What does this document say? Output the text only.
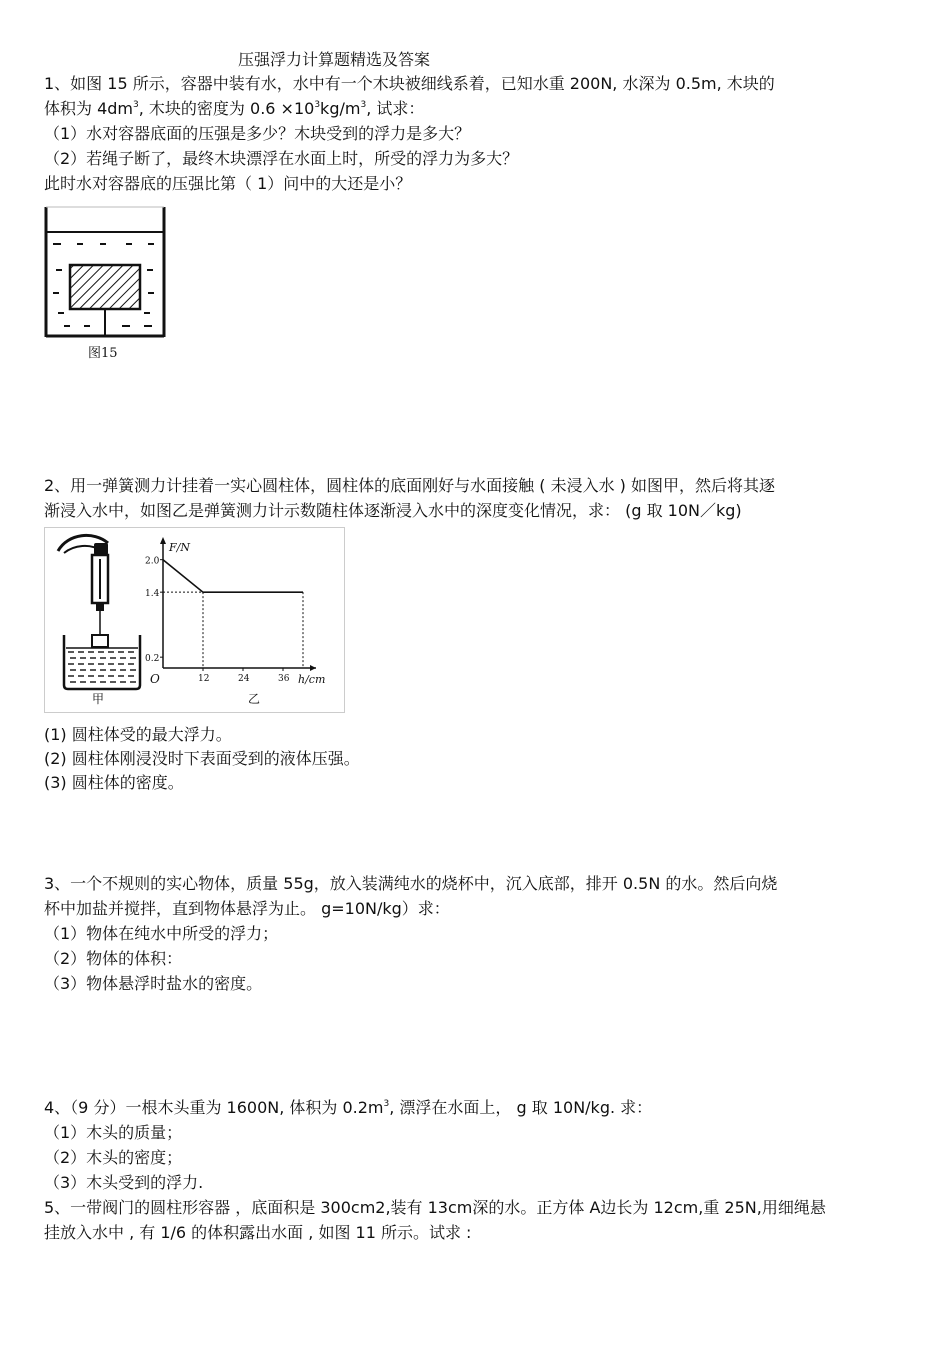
压强浮力计算题精选及答案
1、如图 15 所示，容器中装有水，水中有一个木块被细线系着，已知水重 200N, 水深为 0.5m, 木块的
体积为 $4dm^3$, 木块的密度为 $0.6 \times 10^3kg/m^3$, 试求：
（1）水对容器底面的压强是多少？木块受到的浮力是多大？
（2）若绳子断了，最终木块漂浮在水面上时，所受的浮力为多大？
此时水对容器底的压强比第（ 1）问中的大还是小？
图15
2、用一弹簧测力计挂着一实心圆柱体，圆柱体的底面刚好与水面接触 ( 未浸入水 ) 如图甲，然后将其逐
渐浸入水中，如图乙是弹簧测力计示数随柱体逐渐浸入水中的深度变化情况，求： (g 取 10N／kg)
甲
F/N
h/cm
O
2.0
1.4
0.2
12	24	36
乙
(1) 圆柱体受的最大浮力。
(2) 圆柱体刚浸没时下表面受到的液体压强。
(3) 圆柱体的密度。
3、一个不规则的实心物体，质量 55g，放入装满纯水的烧杯中，沉入底部，排开 0.5N 的水。然后向烧
杯中加盐并搅拌，直到物体悬浮为止。 g=10N/kg）求：
（1）物体在纯水中所受的浮力；
（2）物体的体积：
（3）物体悬浮时盐水的密度。
4、（9 分）一根木头重为 1600N, 体积为 $0.2m^3$, 漂浮在水面上， g 取 10N/kg. 求：
（1）木头的质量；
（2）木头的密度；
（3）木头受到的浮力.
5、一带阀门的圆柱形容器 ，底面积是 300cm2,装有 13cm深的水。正方体 A边长为 12cm,重 25N,用细绳悬
挂放入水中 , 有 1/6 的体积露出水面 , 如图 11 所示。试求 :
